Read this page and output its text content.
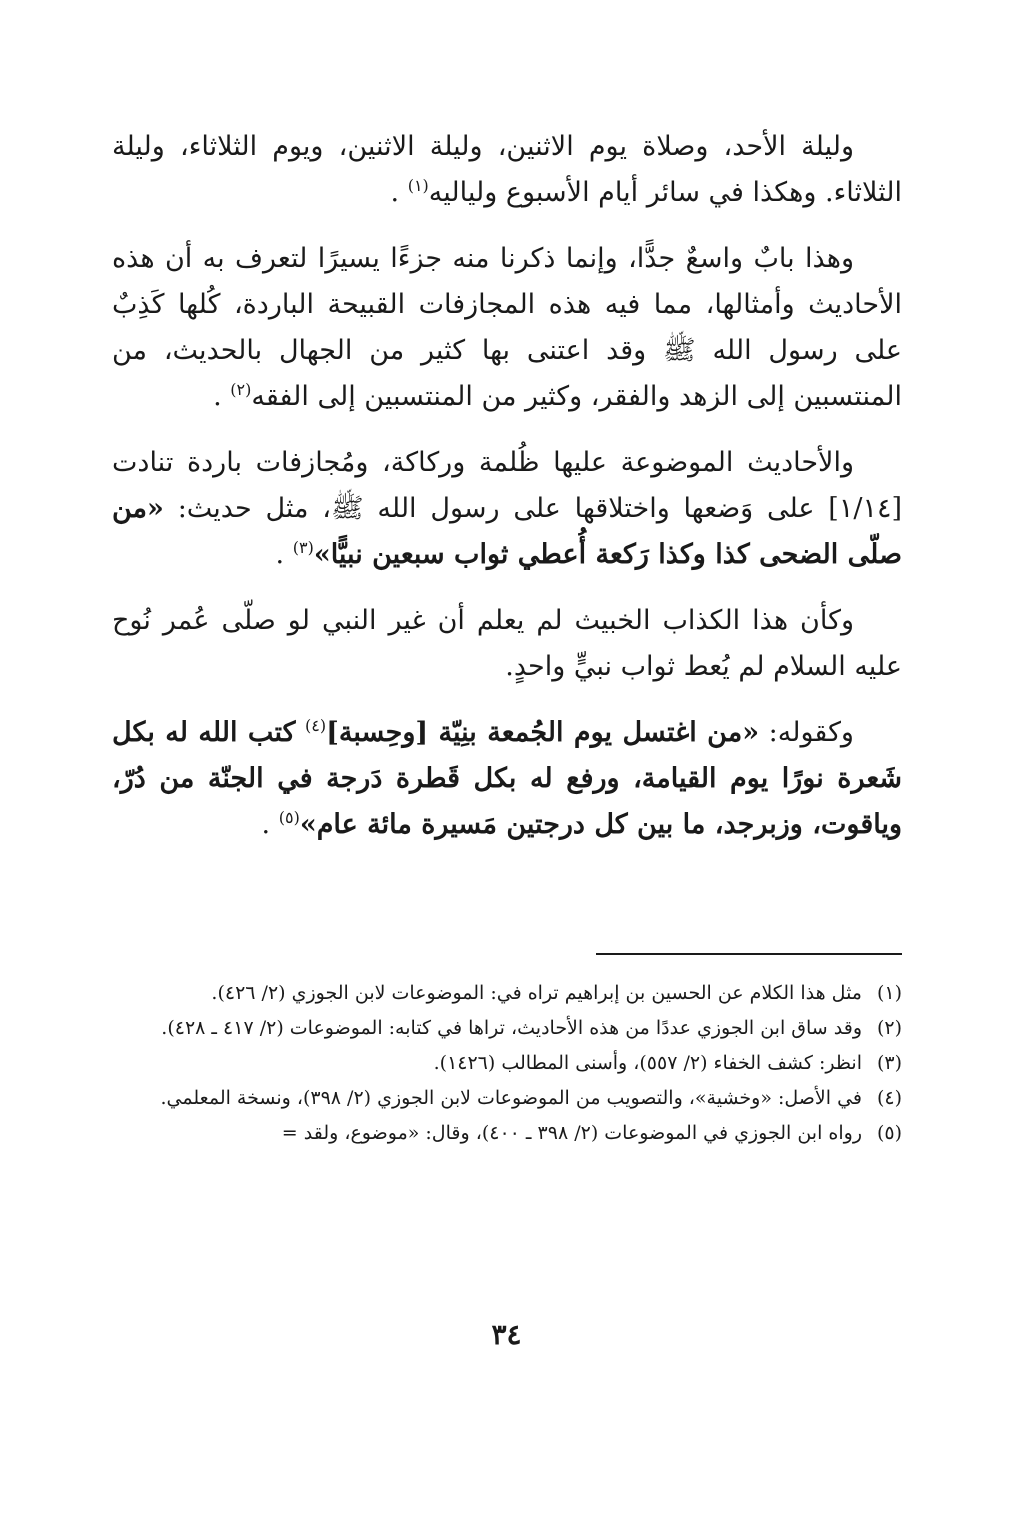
وليلة الأحد، وصلاة يوم الاثنين، وليلة الاثنين، ويوم الثلاثاء، وليلة الثلاثاء. وهكذا في سائر أيام الأسبوع ولياليه$^{(١)}$ .

وهذا بابٌ واسعٌ جدًّا، وإنما ذكرنا منه جزءًا يسيرًا لتعرف به أن هذه الأحاديث وأمثالها، مما فيه هذه المجازفات القبيحة الباردة، كُلها كَذِبٌ على رسول الله ﷺ وقد اعتنى بها كثير من الجهال بالحديث، من المنتسبين إلى الزهد والفقر، وكثير من المنتسبين إلى الفقه$^{(٢)}$ .

والأحاديث الموضوعة عليها ظُلمة وركاكة، ومُجازفات باردة تنادت [١/١٤] على وَضعها واختلاقها على رسول الله ﷺ، مثل حديث: «من صلّى الضحى كذا وكذا رَكعة أُعطي ثواب سبعين نبيًّا»$^{(٣)}$ .

وكأن هذا الكذاب الخبيث لم يعلم أن غير النبي لو صلّى عُمر نُوح عليه السلام لم يُعط ثواب نبيٍّ واحدٍ.

وكقوله: «من اغتسل يوم الجُمعة بنِيّة [وحِسبة]$^{(٤)}$ كتب الله له بكل شَعرة نورًا يوم القيامة، ورفع له بكل قَطرة دَرجة في الجنّة من دُرّ، وياقوت، وزبرجد، ما بين كل درجتين مَسيرة مائة عام»$^{(٥)}$ .

(١)
مثل هذا الكلام عن الحسين بن إبراهيم تراه في: الموضوعات لابن الجوزي (٢/ ٤٢٦).
(٢)
وقد ساق ابن الجوزي عددًا من هذه الأحاديث، تراها في كتابه: الموضوعات (٢/ ٤١٧ ـ ٤٢٨).
(٣)
انظر: كشف الخفاء (٢/ ٥٥٧)، وأسنى المطالب (١٤٢٦).
(٤)
في الأصل: «وخشية»، والتصويب من الموضوعات لابن الجوزي (٢/ ٣٩٨)، ونسخة المعلمي.
(٥)
رواه ابن الجوزي في الموضوعات (٢/ ٣٩٨ ـ ٤٠٠)، وقال: «موضوع، ولقد =
٣٤
